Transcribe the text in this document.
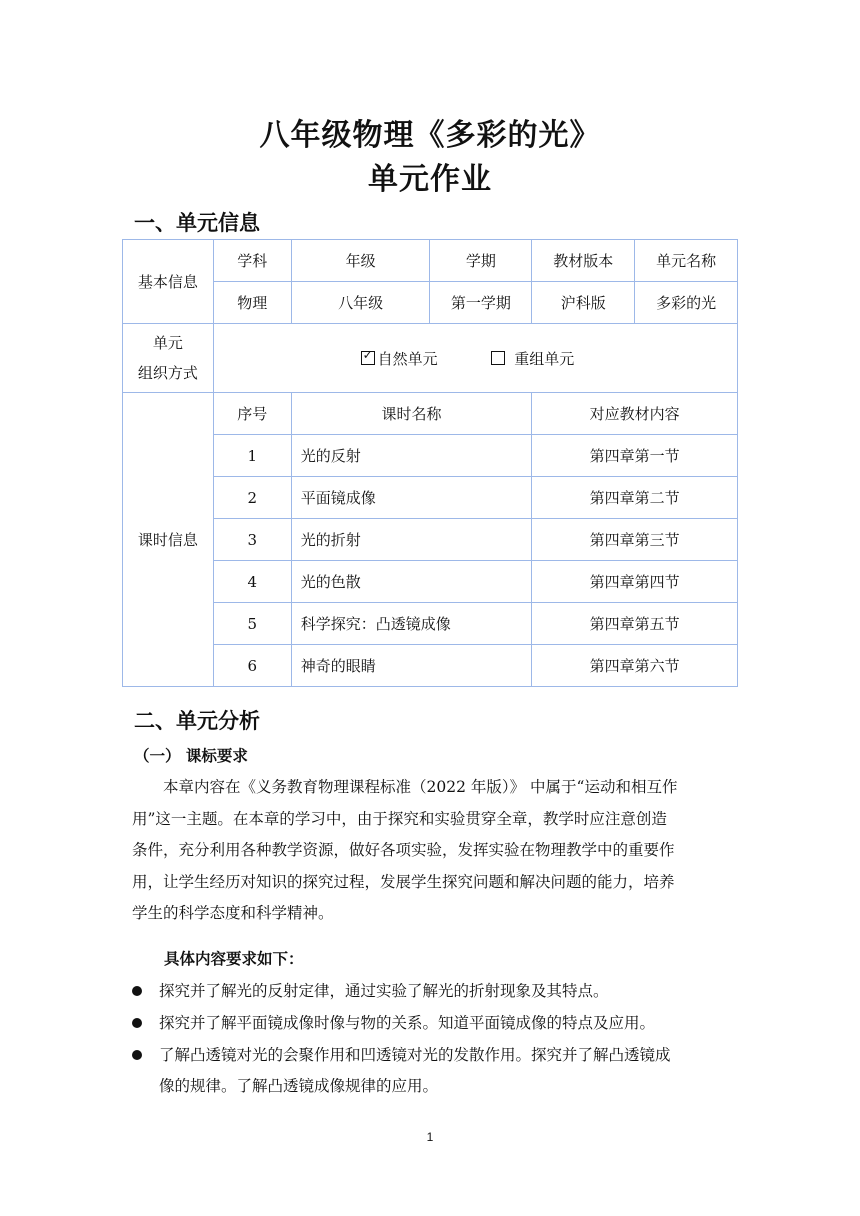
八年级物理《多彩的光》
单元作业
一、单元信息
基本信息	学科	年级	学期	教材版本	单元名称
	物理	八年级	第一学期	沪科版	多彩的光
单元
组织方式	✓自然单元 重组单元
课时信息	序号	课时名称		对应教材内容	
	1	光的反射		第四章第一节	
	2	平面镜成像		第四章第二节	
	3	光的折射		第四章第三节	
	4	光的色散		第四章第四节	
	5	科学探究：凸透镜成像		第四章第五节	
	6	神奇的眼睛		第四章第六节	
二、单元分析
（一） 课标要求
本章内容在《义务教育物理课程标准（2022 年版）》 中属于“运动和相互作
用”这一主题。在本章的学习中，由于探究和实验贯穿全章，教学时应注意创造
条件，充分利用各种教学资源，做好各项实验，发挥实验在物理教学中的重要作
用，让学生经历对知识的探究过程，发展学生探究问题和解决问题的能力，培养
学生的科学态度和科学精神。
具体内容要求如下：
探究并了解光的反射定律，通过实验了解光的折射现象及其特点。
探究并了解平面镜成像时像与物的关系。知道平面镜成像的特点及应用。
了解凸透镜对光的会聚作用和凹透镜对光的发散作用。探究并了解凸透镜成
像的规律。了解凸透镜成像规律的应用。
1
